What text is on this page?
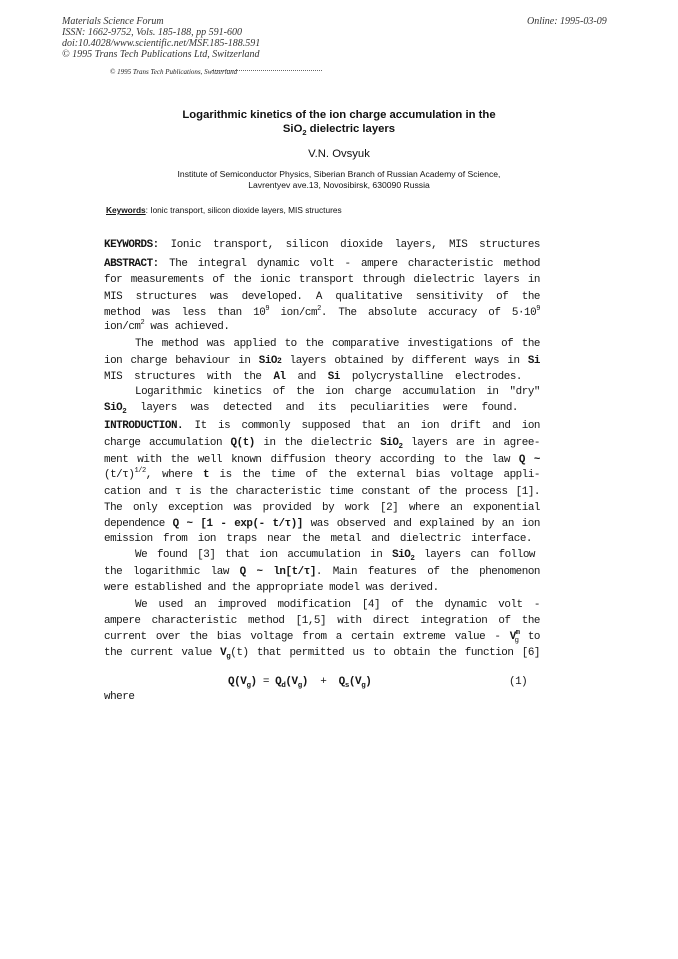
Materials Science Forum	Online: 1995-03-09
ISSN: 1662-9752, Vols. 185-188, pp 591-600
doi:10.4028/www.scientific.net/MSF.185-188.591
© 1995 Trans Tech Publications Ltd, Switzerland
© 1995 Trans Tech Publications, Switzerland
Logarithmic kinetics of the ion charge accumulation in the
SiO$_2$ dielectric layers
V.N. Ovsyuk
Institute of Semiconductor Physics, Siberian Branch of Russian Academy of Science,
Lavrentyev ave.13, Novosibirsk, 630090 Russia
Keywords: Ionic transport, silicon dioxide layers, MIS structures
KEYWORDS: Ionic transport, silicon dioxide layers, MIS structures
ABSTRACT: The integral dynamic volt - ampere characteristic method
for measurements of the ionic transport through dielectric layers in
MIS structures was developed. A qualitative sensitivity of the
method was less than $10^9$ ion/$cm^2$. The absolute accuracy of $5\cdot 10^9$
ion/$cm^2$ was achieved.
The method was applied to the comparative investigations of the
ion charge behaviour in SiO2 layers obtained by different ways in Si
MIS structures with the Al and Si polycrystalline electrodes.
Logarithmic kinetics of the ion charge accumulation in "dry"
SiO$_2$ layers was detected and its peculiarities were found.
INTRODUCTION. It is commonly supposed that an ion drift and ion
charge accumulation Q(t) in the dielectric SiO$_2$ layers are in agree-
ment with the well known diffusion theory according to the law Q ~
$(t/\tau)^{1/2}$, where t is the time of the external bias voltage appli-
cation and τ is the characteristic time constant of the process [1].
The only exception was provided by work [2] where an exponential
dependence Q ~ [1 - exp(- t/τ)] was observed and explained by an ion
emission from ion traps near the metal and dielectric interface.
We found [3] that ion accumulation in SiO$_2$ layers can follow
the logarithmic law Q ~ ln[t/τ]. Main features of the phenomenon
were established and the appropriate model was derived.
We used an improved modification [4] of the dynamic volt -
ampere characteristic method [1,5] with direct integration of the
current over the bias voltage from a certain extreme value - $V^m_g$ to
the current value $V_g(t)$ that permitted us to obtain the function [6]
$Q(V_g) = Q_d(V_g) + Q_s(V_g)$	(1)
where
